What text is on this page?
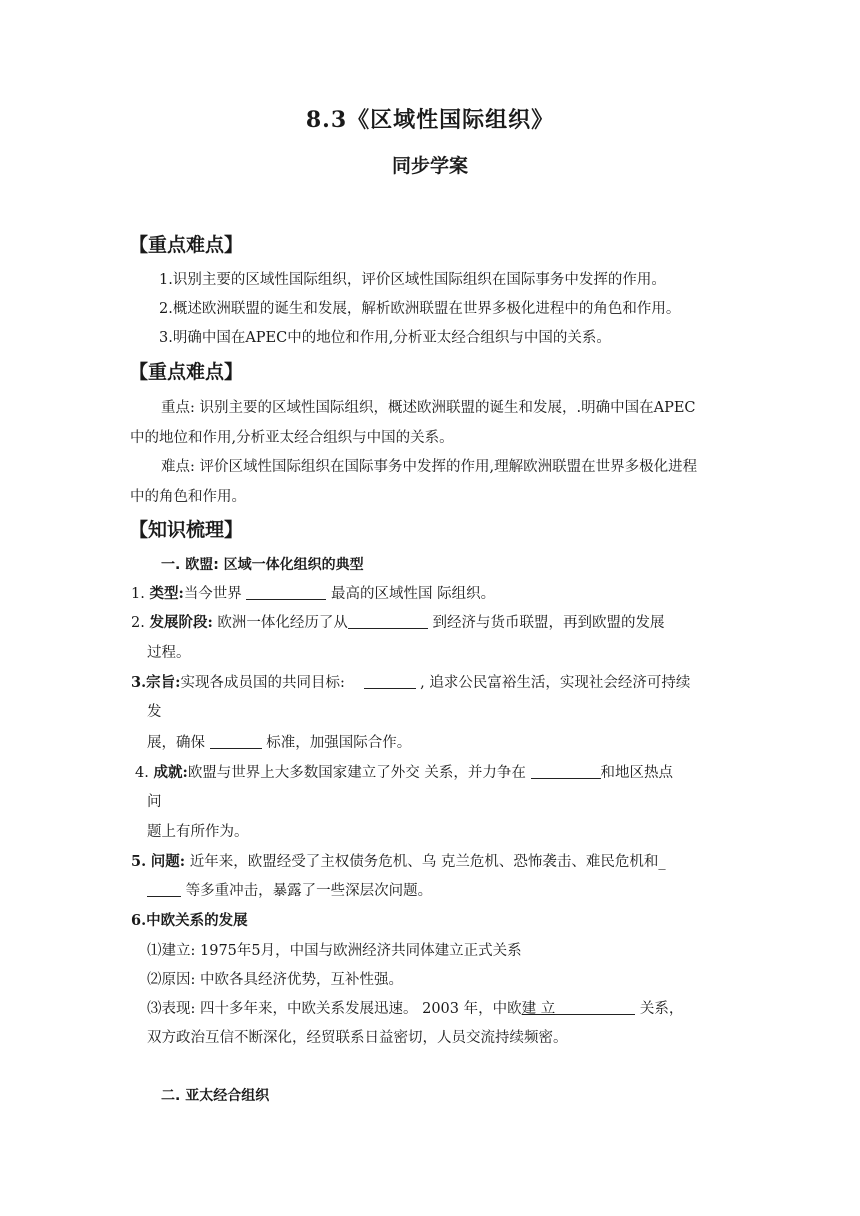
8.3《区域性国际组织》
同步学案
【重点难点】
1.识别主要的区域性国际组织，评价区域性国际组织在国际事务中发挥的作用。
2.概述欧洲联盟的诞生和发展，解析欧洲联盟在世界多极化进程中的角色和作用。
3.明确中国在APEC中的地位和作用,分析亚太经合组织与中国的关系。
【重点难点】
重点: 识别主要的区域性国际组织，概述欧洲联盟的诞生和发展，.明确中国在APEC
中的地位和作用,分析亚太经合组织与中国的关系。
难点: 评价区域性国际组织在国际事务中发挥的作用,理解欧洲联盟在世界多极化进程
中的角色和作用。
【知识梳理】
一. 欧盟: 区域一体化组织的典型
1. 类型:当今世界	最高的区域性国 际组织。
2. 发展阶段: 欧洲一体化经历了从	到经济与货币联盟，再到欧盟的发展
过程。
3.宗旨:实现各成员国的共同目标:	, 追求公民富裕生活，实现社会经济可持续
发
展，确保	标准，加强国际合作。
4. 成就:欧盟与世界上大多数国家建立了外交 关系，并力争在	和地区热点
问
题上有所作为。
5. 问题: 近年来，欧盟经受了主权债务危机、乌 克兰危机、恐怖袭击、难民危机和_
等多重冲击，暴露了一些深层次问题。
6.中欧关系的发展
⑴建立: 1975年5月，中国与欧洲经济共同体建立正式关系
⑵原因: 中欧各具经济优势，互补性强。
⑶表现: 四十多年来，中欧关系发展迅速。 2003 年，中欧建 立	关系，
双方政治互信不断深化，经贸联系日益密切，人员交流持续频密。
二. 亚太经合组织
